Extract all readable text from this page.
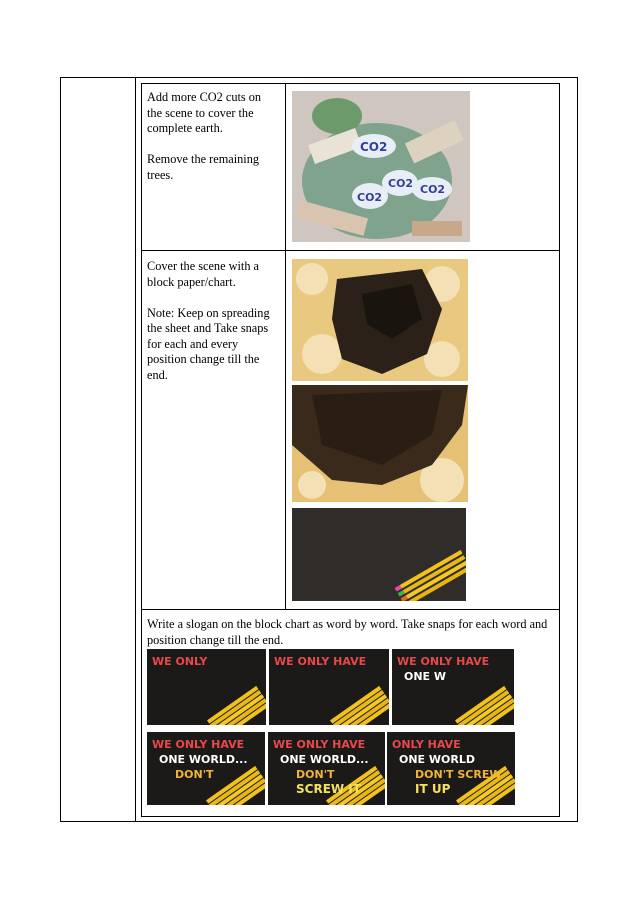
Add more CO2 cuts on the scene to cover the complete earth.

Remove the remaining trees.

CO2
CO2
CO2 CO2

Cover the scene with a block paper/chart.

Note: Keep on spreading the sheet and Take snaps for each and every position change till the end.

Write a slogan on the block chart as word by word. Take snaps for each word and position change till the end.
WE ONLY	WE ONLY HAVE	WE ONLY HAVE
ONE W
WE ONLY HAVE
ONE WORLD...
DON'T
WE ONLY HAVE
ONE WORLD...
DON'T
SCREW IT
ONLY HAVE
ONE WORLD
DON'T SCREW
IT UP
